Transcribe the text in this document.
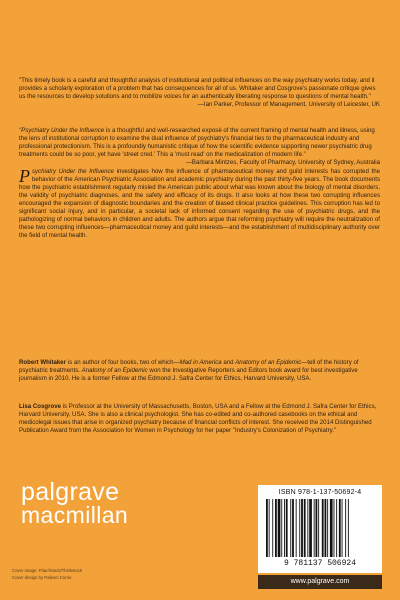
"This timely book is a careful and thoughtful analysis of institutional and political influences on the way psychiatry works today, and it provides a scholarly exploration of a problem that has consequences for all of us. Whitaker and Cosgrove's passionate critique gives us the resources to develop solutions and to mobilize voices for an authentically liberating response to questions of mental health."

—Ian Parker, Professor of Management, University of Leicester, UK

"Psychiatry Under the Influence is a thoughtful and well-researched exposé of the current framing of mental health and illness, using the lens of institutional corruption to examine the dual influence of psychiatry's financial ties to the pharmaceutical industry and professional protectionism. This is a profoundly humanistic critique of how the scientific evidence supporting newer psychiatric drug treatments could be so poor, yet have 'street cred.' This a 'must read' on the medicalization of modern life."

—Barbara Mintzes, Faculty of Pharmacy, University of Sydney, Australia

Psychiatry Under the Influence investigates how the influence of pharmaceutical money and guild interests has corrupted the behavior of the American Psychiatric Association and academic psychiatry during the past thirty-five years. The book documents how the psychiatric establishment regularly misled the American public about what was known about the biology of mental disorders, the validity of psychiatric diagnoses, and the safety and efficacy of its drugs. It also looks at how these two corrupting influences encouraged the expansion of diagnostic boundaries and the creation of biased clinical practice guidelines. This corruption has led to significant social injury, and in particular, a societal lack of informed consent regarding the use of psychiatric drugs, and the pathologizing of normal behaviors in children and adults. The authors argue that reforming psychiatry will require the neutralization of these two corrupting influences—pharmaceutical money and guild interests—and the establishment of multidisciplinary authority over the field of mental health.

Robert Whitaker is an author of four books, two of which—Mad in America and Anatomy of an Epidemic—tell of the history of psychiatric treatments. Anatomy of an Epidemic won the Investigative Reporters and Editors book award for best investigative journalism in 2010. He is a former Fellow at the Edmond J. Safra Center for Ethics, Harvard University, USA.

Lisa Cosgrove is Professor at the University of Massachusetts, Boston, USA and a Fellow at the Edmond J. Safra Center for Ethics, Harvard University, USA. She is also a clinical psychologist. She has co-edited and co-authored casebooks on the ethical and medicolegal issues that arise in organized psychiatry because of financial conflicts of interest. She received the 2014 Distinguished Publication Award from the Association for Women in Psychology for her paper "Industry's Colonization of Psychiatry."

palgrave
macmillan
Cover image: Pitar/iStock/Thinkstock
Cover design by Paileen Currie
ISBN 978-1-137-50692-4
9 781137 506924
www.palgrave.com
